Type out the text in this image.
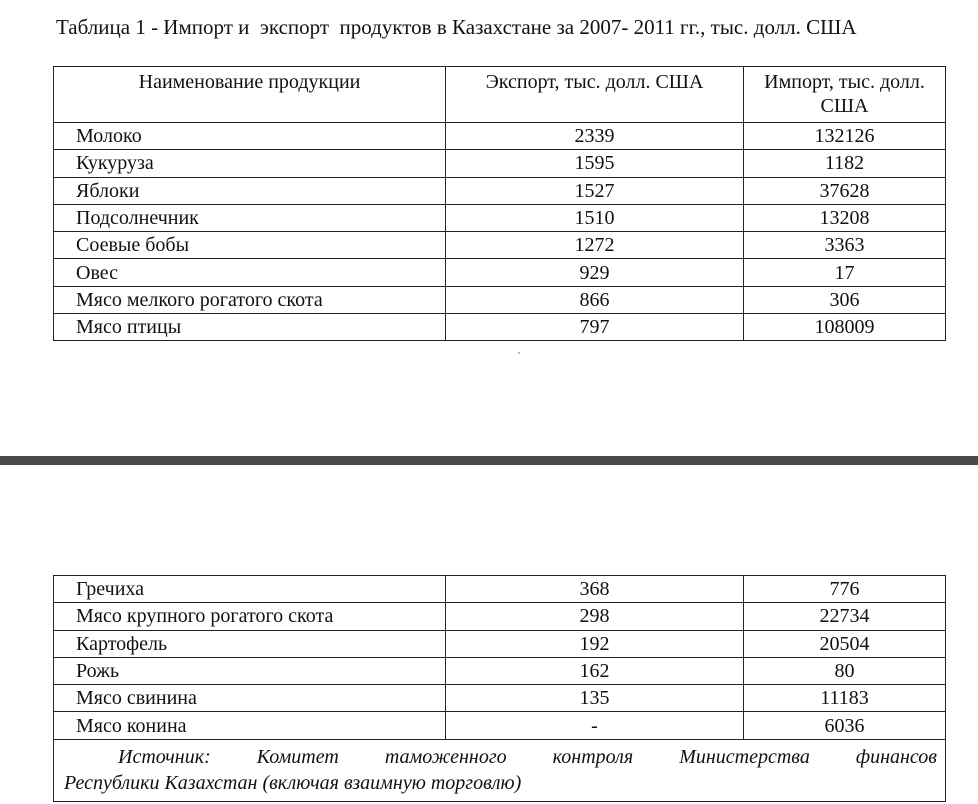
Таблица 1 - Импорт и  экспорт  продуктов в Казахстане за 2007- 2011 гг., тыс. долл. США
Наименование продукции	Экспорт, тыс. долл. США	Импорт, тыс. долл. США
Молоко	2339	132126
Кукуруза	1595	1182
Яблоки	1527	37628
Подсолнечник	1510	13208
Соевые бобы	1272	3363
Овес	929	17
Мясо мелкого рогатого скота	866	306
Мясо птицы	797	108009
Гречиха	368	776
Мясо крупного рогатого скота	298	22734
Картофель	192	20504
Рожь	162	80
Мясо свинина	135	11183
Мясо конина	-	6036

Источник: Комитет таможенного контроля Министерства финансов
Республики Казахстан (включая взаимную торговлю)		
